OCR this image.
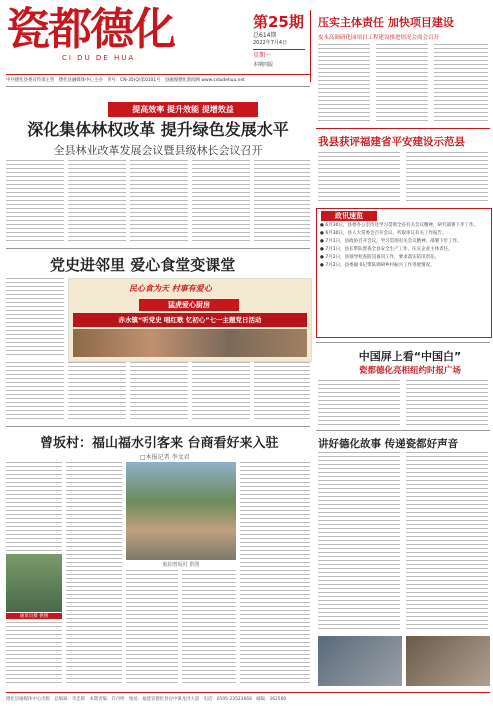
瓷都德化
CI DU DE HUA
第25期
总614期
2022年7月4日
星期一
本期四版
中共德化县委宣传部主管　德化县融媒体中心主办　刊号：CN-35(Q)第0101号　县融媒德化新闻网 www.cidudehua.net
压实主体责任 加快项目建设
皮永高调研化园项目工程建设推进情况会商会召开
提高效率 提升效能 提增效益
深化集体林权改革 提升绿色发展水平
全县林业改革发展会议暨县级林长会议召开
我县获评福建省平安建设示范县
政讯速览
● 6月30日，县委办公室传达学习贯彻全省有关会议精神，研究部署下步工作。
● 6月30日，县人大常委会召开会议，听取审议有关工作报告。
● 7月1日，县政协召开会议，学习贯彻有关会议精神，部署下步工作。
● 7月1日，县长带队督查全县安全生产工作，压实企业主体责任。
● 7月2日，县领导检查防汛备汛工作，要求落实防汛责任。
● 7月2日，县委副书记带队调研乡村振兴工作进展情况。
党史进邻里 爱心食堂变课堂
民心食为天 村事有爱心
猛虎爱心厨房
赤水镇“听党史 唱红歌 忆初心”七一主题党日活动
中国屏上看“中国白”
瓷都德化亮相纽约时报广场
讲好德化故事 传递瓷都好声音
曾坂村：福山福水引客来 台商看好来入驻
□本报记者 李文君
通讯员摄 供图
航拍曾坂村 供图
德化县融媒体中心出版　总编辑：李忠辉　本期责编：许丹婷　地址：福建省德化县浔中镇龙浔大道　电话：0595-23523668　邮编：362500
